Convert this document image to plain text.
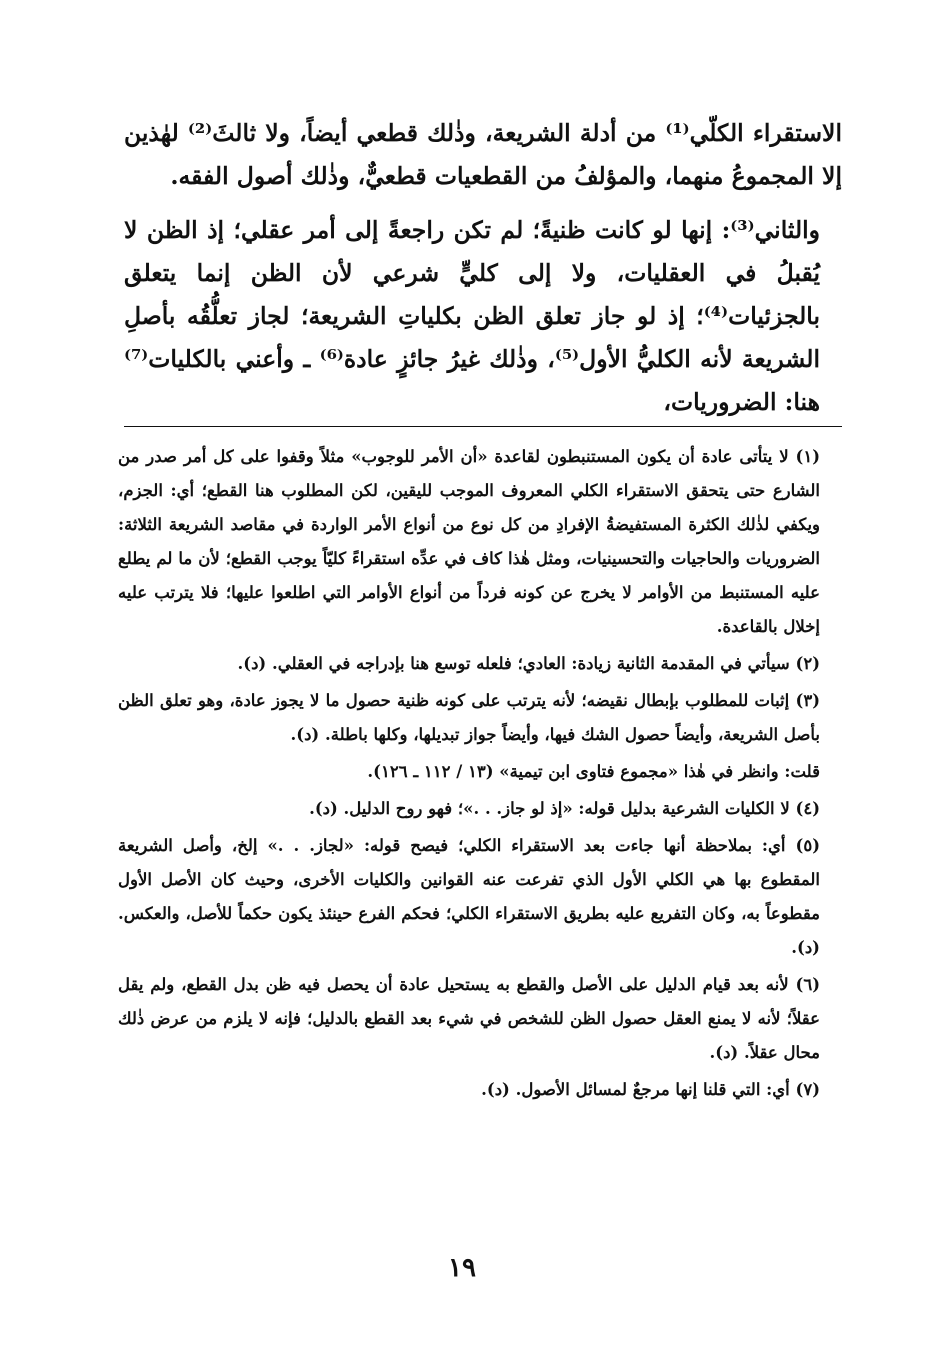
الاستقراء الكلّي⁽¹⁾ من أدلة الشريعة، وذٰلك قطعي أيضاً، ولا ثالثَ⁽²⁾ لهٰذين إلا المجموعُ منهما، والمؤلفُ من القطعيات قطعيٌّ، وذٰلك أصول الفقه.

والثاني⁽³⁾: إنها لو كانت ظنيةً؛ لم تكن راجعةً إلى أمر عقلي؛ إذ الظن لا يُقبلُ في العقليات، ولا إلى كليٍّ شرعي لأن الظن إنما يتعلق بالجزئيات⁽⁴⁾؛ إذ لو جاز تعلق الظن بكلياتِ الشريعة؛ لجاز تعلُّقُه بأصلِ الشريعة لأنه الكليُّ الأول⁽⁵⁾، وذٰلك غيرُ جائزٍ عادة⁽⁶⁾ ـ وأعني بالكليات⁽⁷⁾ هنا: الضروريات،

(١) لا يتأتى عادة أن يكون المستنبطون لقاعدة «أن الأمر للوجوب» مثلاً وقفوا على كل أمر صدر من الشارع حتى يتحقق الاستقراء الكلي المعروف الموجب لليقين، لكن المطلوب هنا القطع؛ أي: الجزم، ويكفي لذٰلك الكثرة المستفيضةُ الإفرادِ من كل نوع من أنواع الأمر الواردة في مقاصد الشريعة الثلاثة: الضروريات والحاجيات والتحسينيات، ومثل هٰذا كاف في عدِّه استقراءً كليّاً يوجب القطع؛ لأن ما لم يطلع عليه المستنبط من الأوامر لا يخرج عن كونه فرداً من أنواع الأوامر التي اطلعوا عليها؛ فلا يترتب عليه إخلال بالقاعدة.

(٢) سيأتي في المقدمة الثانية زيادة: العادي؛ فلعله توسع هنا بإدراجه في العقلي. (د).

(٣) إثبات للمطلوب بإبطال نقيضه؛ لأنه يترتب على كونه ظنية حصول ما لا يجوز عادة، وهو تعلق الظن بأصل الشريعة، وأيضاً حصول الشك فيها، وأيضاً جواز تبديلها، وكلها باطلة. (د).

قلت: وانظر في هٰذا «مجموع فتاوى ابن تيمية» (١٣ / ١١٢ ـ ١٢٦).

(٤) لا الكليات الشرعية بدليل قوله: «إذ لو جاز. . .»؛ فهو روح الدليل. (د).

(٥) أي: بملاحظة أنها جاءت بعد الاستقراء الكلي؛ فيصح قوله: «لجاز. . .» إلخ، وأصل الشريعة المقطوع بها هي الكلي الأول الذي تفرعت عنه القوانين والكليات الأخرى، وحيث كان الأصل الأول مقطوعاً به، وكان التفريع عليه بطريق الاستقراء الكلي؛ فحكم الفرع حينئذ يكون حكماً للأصل، والعكس. (د).

(٦) لأنه بعد قيام الدليل على الأصل والقطع به يستحيل عادة أن يحصل فيه ظن بدل القطع، ولم يقل عقلاً؛ لأنه لا يمنع العقل حصول الظن للشخص في شيء بعد القطع بالدليل؛ فإنه لا يلزم من عرض ذٰلك محال عقلاً. (د).

(٧) أي: التي قلنا إنها مرجعٌ لمسائل الأصول. (د).

١٩
